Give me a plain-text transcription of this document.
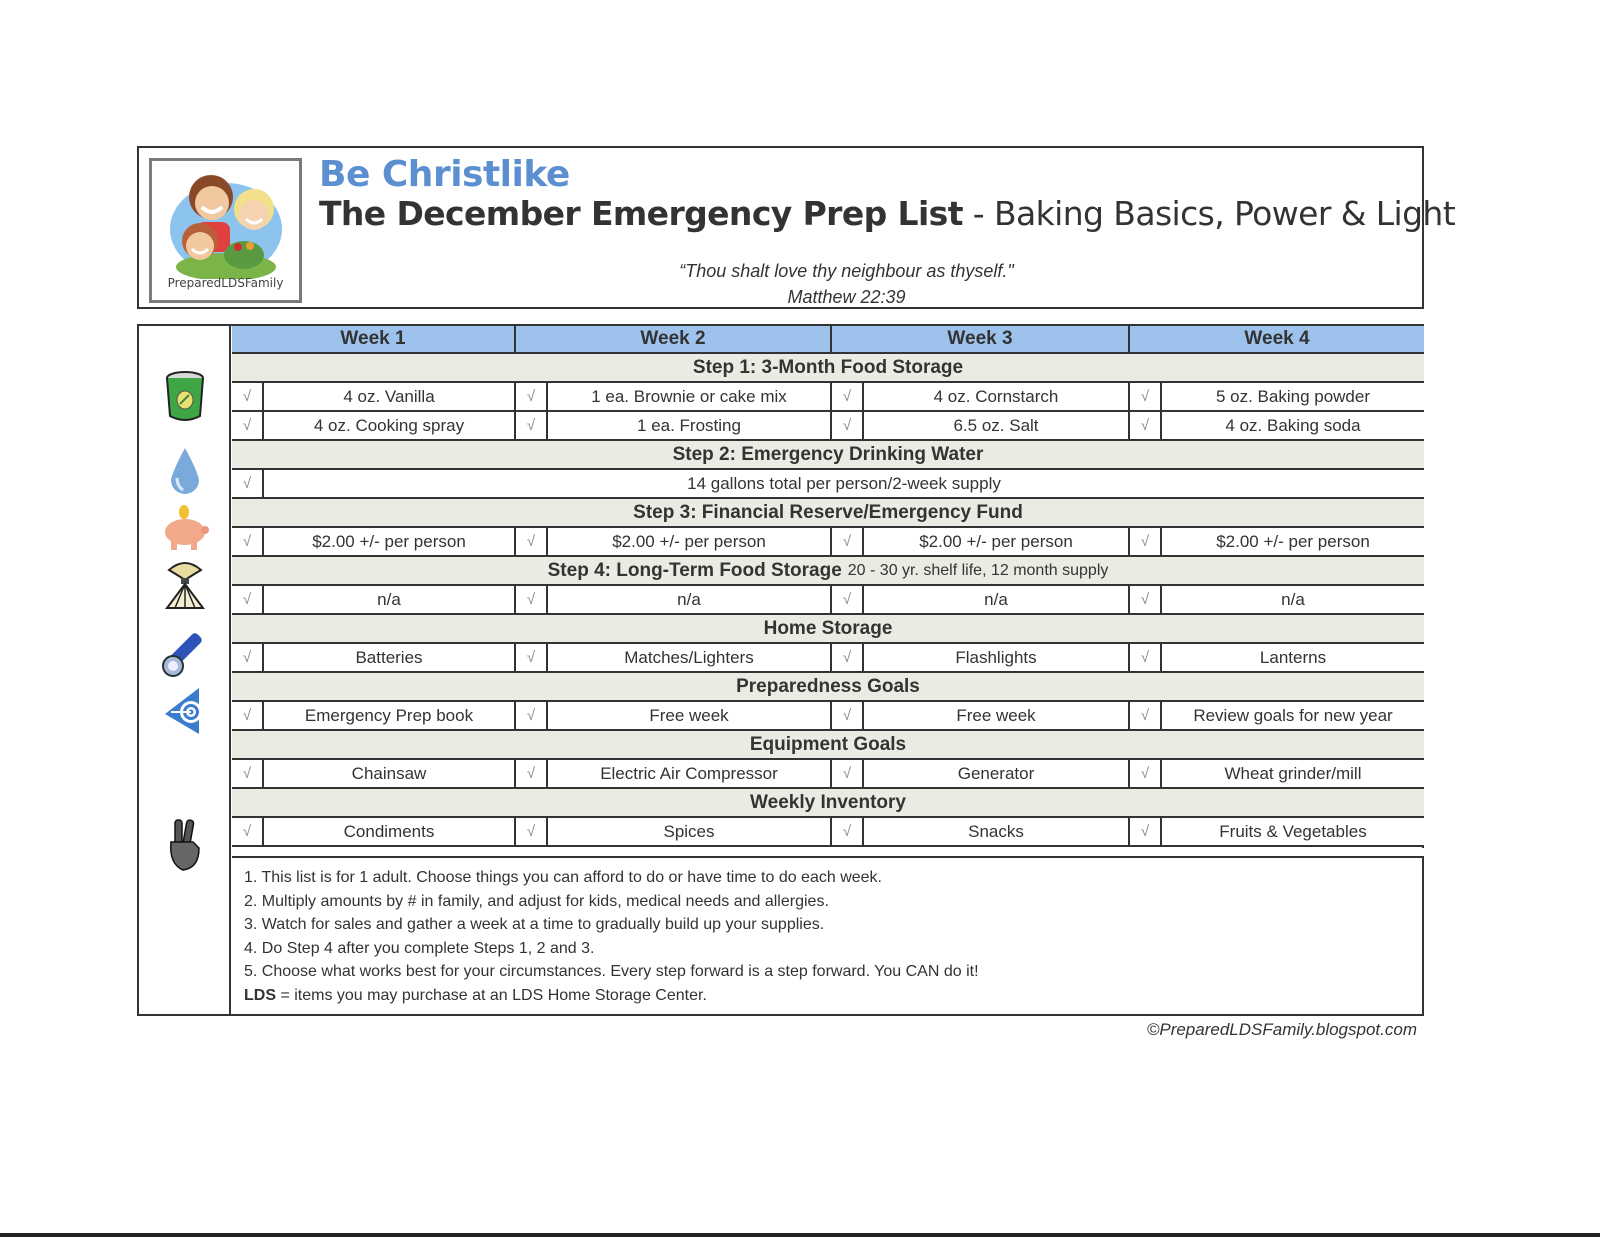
PreparedLDSFamily
Be Christlike
The December Emergency Prep List - Baking Basics, Power & Light
“Thou shalt love thy neighbour as thyself."
Matthew 22:39
Week 1	Week 2	Week 3	Week 4
Step 1: 3-Month Food Storage
√	4 oz. Vanilla	√	1 ea. Brownie or cake mix	√	4 oz. Cornstarch	√	5 oz. Baking powder
√	4 oz. Cooking spray	√	1 ea. Frosting	√	6.5 oz. Salt	√	4 oz. Baking soda
Step 2: Emergency Drinking Water
√	14 gallons total per person/2-week supply
Step 3: Financial Reserve/Emergency Fund
√	$2.00 +/- per person	√	$2.00 +/- per person	√	$2.00 +/- per person	√	$2.00 +/- per person
Step 4: Long-Term Food Storage 20 - 30 yr. shelf life, 12 month supply
√	n/a	√	n/a	√	n/a	√	n/a
Home Storage
√	Batteries	√	Matches/Lighters	√	Flashlights	√	Lanterns
Preparedness Goals
√	Emergency Prep book	√	Free week	√	Free week	√	Review goals for new year
Equipment Goals
√	Chainsaw	√	Electric Air Compressor	√	Generator	√	Wheat grinder/mill
Weekly Inventory
√	Condiments	√	Spices	√	Snacks	√	Fruits & Vegetables
1. This list is for 1 adult. Choose things you can afford to do or have time to do each week.
2. Multiply amounts by # in family, and adjust for kids, medical needs and allergies.
3. Watch for sales and gather a week at a time to gradually build up your supplies.
4. Do Step 4 after you complete Steps 1, 2 and 3.
5. Choose what works best for your circumstances. Every step forward is a step forward. You CAN do it!
LDS = items you may purchase at an LDS Home Storage Center.
©PreparedLDSFamily.blogspot.com
